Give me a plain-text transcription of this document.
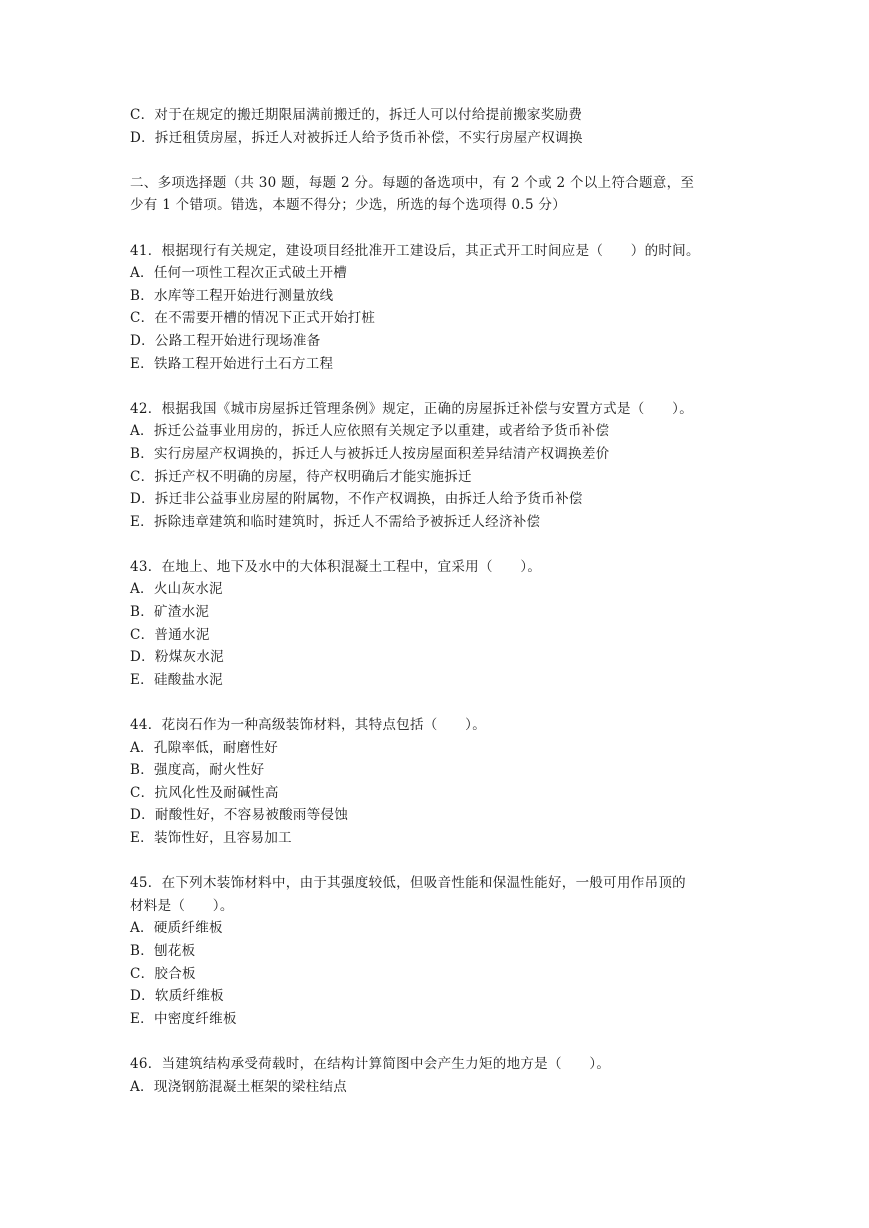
C．对于在规定的搬迁期限届满前搬迁的，拆迁人可以付给提前搬家奖励费
D．拆迁租赁房屋，拆迁人对被拆迁人给予货币补偿，不实行房屋产权调换
二、多项选择题（共 30 题，每题 2 分。每题的备选项中，有 2 个或 2 个以上符合题意，至
少有 1 个错项。错选，本题不得分；少选，所选的每个选项得 0.5 分）
41．根据现行有关规定，建设项目经批准开工建设后，其正式开工时间应是（　　）的时间。
A．任何一项性工程次正式破土开槽
B．水库等工程开始进行测量放线
C．在不需要开槽的情况下正式开始打桩
D．公路工程开始进行现场准备
E．铁路工程开始进行土石方工程
42．根据我国《城市房屋拆迁管理条例》规定，正确的房屋拆迁补偿与安置方式是（　　）。
A．拆迁公益事业用房的，拆迁人应依照有关规定予以重建，或者给予货币补偿
B．实行房屋产权调换的，拆迁人与被拆迁人按房屋面积差异结清产权调换差价
C．拆迁产权不明确的房屋，待产权明确后才能实施拆迁
D．拆迁非公益事业房屋的附属物，不作产权调换，由拆迁人给予货币补偿
E．拆除违章建筑和临时建筑时，拆迁人不需给予被拆迁人经济补偿
43．在地上、地下及水中的大体积混凝土工程中，宜采用（　　）。
A．火山灰水泥
B．矿渣水泥
C．普通水泥
D．粉煤灰水泥
E．硅酸盐水泥
44．花岗石作为一种高级装饰材料，其特点包括（　　）。
A．孔隙率低，耐磨性好
B．强度高，耐火性好
C．抗风化性及耐碱性高
D．耐酸性好，不容易被酸雨等侵蚀
E．装饰性好，且容易加工
45．在下列木装饰材料中，由于其强度较低，但吸音性能和保温性能好，一般可用作吊顶的
材料是（　　）。
A．硬质纤维板
B．刨花板
C．胶合板
D．软质纤维板
E．中密度纤维板
46．当建筑结构承受荷载时，在结构计算简图中会产生力矩的地方是（　　）。
A．现浇钢筋混凝土框架的梁柱结点
